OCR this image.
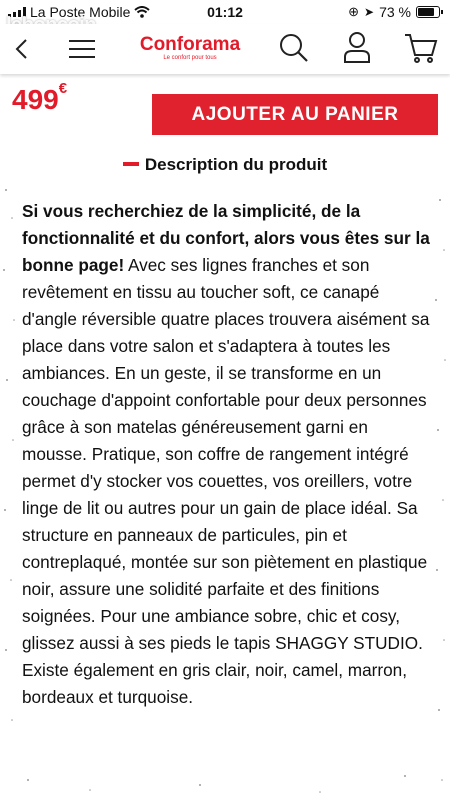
La Poste Mobile	01:12	⊕ ➤ 73 %
Conforama
Le confort pour tous
499€
AJOUTER AU PANIER
Description du produit
Si vous recherchiez de la simplicité, de la fonctionnalité et du confort, alors vous êtes sur la bonne page! Avec ses lignes franches et son revêtement en tissu au toucher soft, ce canapé d'angle réversible quatre places trouvera aisément sa place dans votre salon et s'adaptera à toutes les ambiances. En un geste, il se transforme en un couchage d'appoint confortable pour deux personnes grâce à son matelas généreusement garni en mousse. Pratique, son coffre de rangement intégré permet d'y stocker vos couettes, vos oreillers, votre linge de lit ou autres pour un gain de place idéal. Sa structure en panneaux de particules, pin et contreplaqué, montée sur son piètement en plastique noir, assure une solidité parfaite et des finitions soignées. Pour une ambiance sobre, chic et cosy, glissez aussi à ses pieds le tapis SHAGGY STUDIO. Existe également en gris clair, noir, camel, marron, bordeaux et turquoise.
